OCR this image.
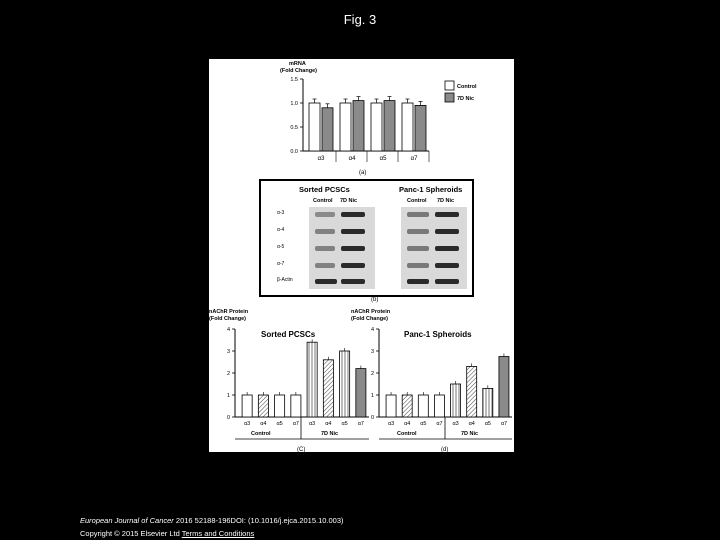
Fig. 3
mRNA
(Fold Change)
0.0
0.5
1.0
1.5
α3	α4	α5	α7
(a)
Control
7D Nic
nAChR Protein
(Fold Change)
Sorted PCSCs
0
1
2
3
4
α3 α4 α5 α7 α3 α4 α5 α7
Control	7D Nic
(C)
nAChR Protein
(Fold Change)
Panc-1 Spheroids
0
1
2
3
4
α3 α4 α5 α7 α3 α4 α5 α7
Control	7D Nic
(d)
(b)
Sorted PCSCs	Panc-1 Spheroids
Control 7D Nic	Control 7D Nic
α-3
α-4
α-5
α-7
β-Actin
European Journal of Cancer 2016 52188-196DOI: (10.1016/j.ejca.2015.10.003)
Copyright © 2015 Elsevier Ltd Terms and Conditions
